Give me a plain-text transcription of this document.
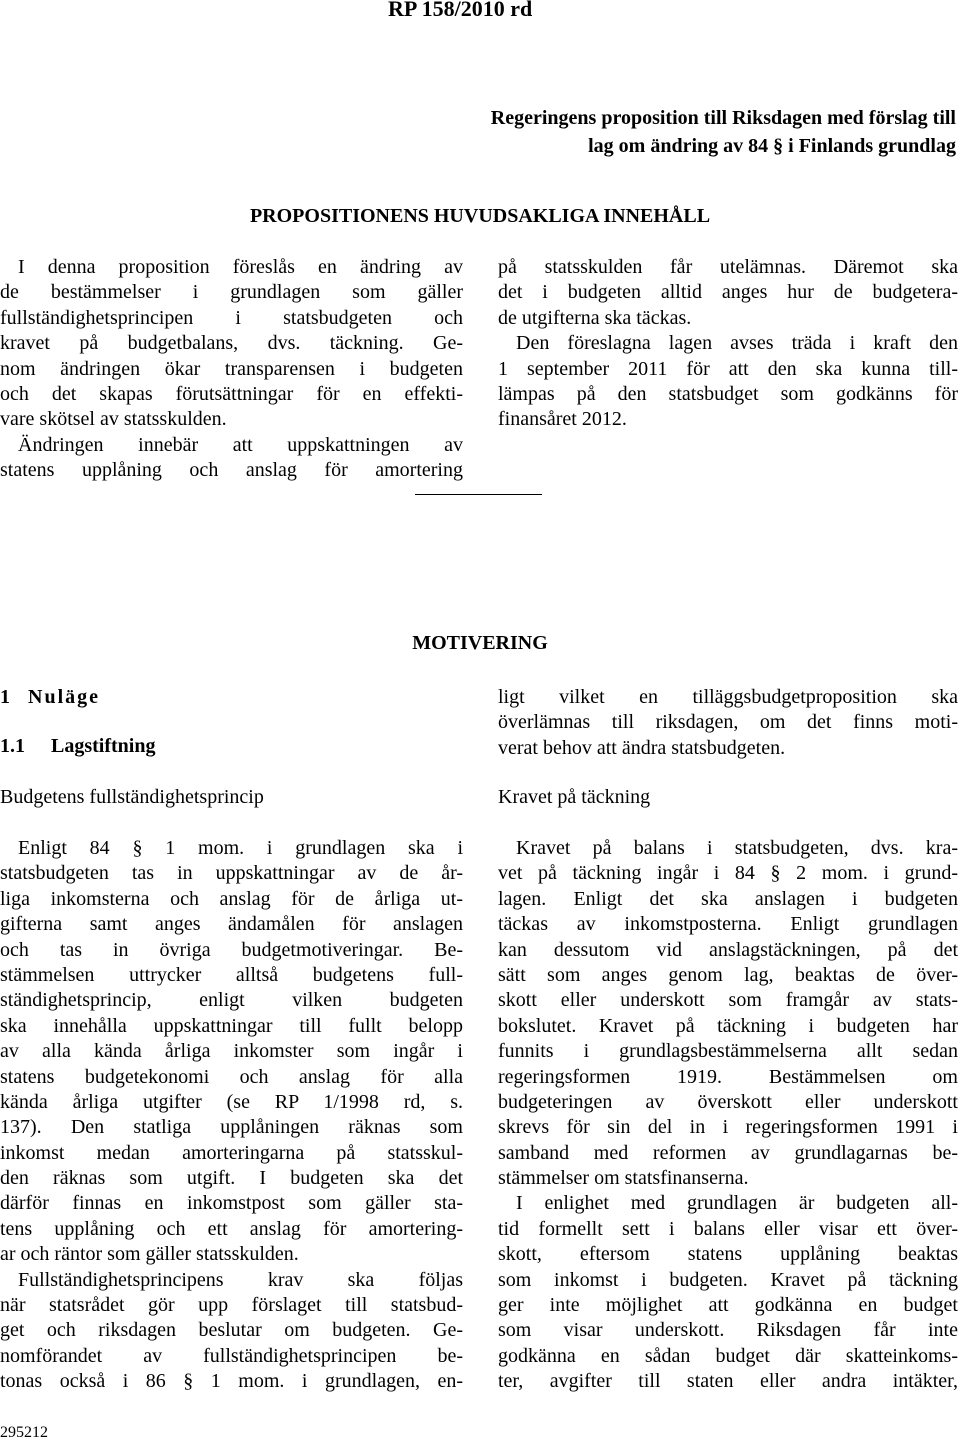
RP 158/2010 rd
Regeringens proposition till Riksdagen med förslag till
lag om ändring av 84 § i Finlands grundlag
PROPOSITIONENS HUVUDSAKLIGA INNEHÅLL
I denna proposition föreslås en ändring av
de bestämmelser i grundlagen som gäller
fullständighetsprincipen i statsbudgeten och
kravet på budgetbalans, dvs. täckning. Ge-
nom ändringen ökar transparensen i budgeten
och det skapas förutsättningar för en effekti-
vare skötsel av statsskulden.
Ändringen innebär att uppskattningen av
statens upplåning och anslag för amortering
på statsskulden får utelämnas. Däremot ska
det i budgeten alltid anges hur de budgetera-
de utgifterna ska täckas.
Den föreslagna lagen avses träda i kraft den
1 september 2011 för att den ska kunna till-
lämpas på den statsbudget som godkänns för
finansåret 2012.
MOTIVERING
1 Nuläge
1.1 Lagstiftning
Budgetens fullständighetsprincip
Enligt 84 § 1 mom. i grundlagen ska i
statsbudgeten tas in uppskattningar av de år-
liga inkomsterna och anslag för de årliga ut-
gifterna samt anges ändamålen för anslagen
och tas in övriga budgetmotiveringar. Be-
stämmelsen uttrycker alltså budgetens full-
ständighetsprincip, enligt vilken budgeten
ska innehålla uppskattningar till fullt belopp
av alla kända årliga inkomster som ingår i
statens budgetekonomi och anslag för alla
kända årliga utgifter (se RP 1/1998 rd, s.
137). Den statliga upplåningen räknas som
inkomst medan amorteringarna på statsskul-
den räknas som utgift. I budgeten ska det
därför finnas en inkomstpost som gäller sta-
tens upplåning och ett anslag för amortering-
ar och räntor som gäller statsskulden.
Fullständighetsprincipens krav ska följas
när statsrådet gör upp förslaget till statsbud-
get och riksdagen beslutar om budgeten. Ge-
nomförandet av fullständighetsprincipen be-
tonas också i 86 § 1 mom. i grundlagen, en-
ligt vilket en tilläggsbudgetproposition ska
överlämnas till riksdagen, om det finns moti-
verat behov att ändra statsbudgeten.
Kravet på täckning
Kravet på balans i statsbudgeten, dvs. kra-
vet på täckning ingår i 84 § 2 mom. i grund-
lagen. Enligt det ska anslagen i budgeten
täckas av inkomstposterna. Enligt grundlagen
kan dessutom vid anslagstäckningen, på det
sätt som anges genom lag, beaktas de över-
skott eller underskott som framgår av stats-
bokslutet. Kravet på täckning i budgeten har
funnits i grundlagsbestämmelserna allt sedan
regeringsformen 1919. Bestämmelsen om
budgeteringen av överskott eller underskott
skrevs för sin del in i regeringsformen 1991 i
samband med reformen av grundlagarnas be-
stämmelser om statsfinanserna.
I enlighet med grundlagen är budgeten all-
tid formellt sett i balans eller visar ett över-
skott, eftersom statens upplåning beaktas
som inkomst i budgeten. Kravet på täckning
ger inte möjlighet att godkänna en budget
som visar underskott. Riksdagen får inte
godkänna en sådan budget där skatteinkoms-
ter, avgifter till staten eller andra intäkter,
295212
